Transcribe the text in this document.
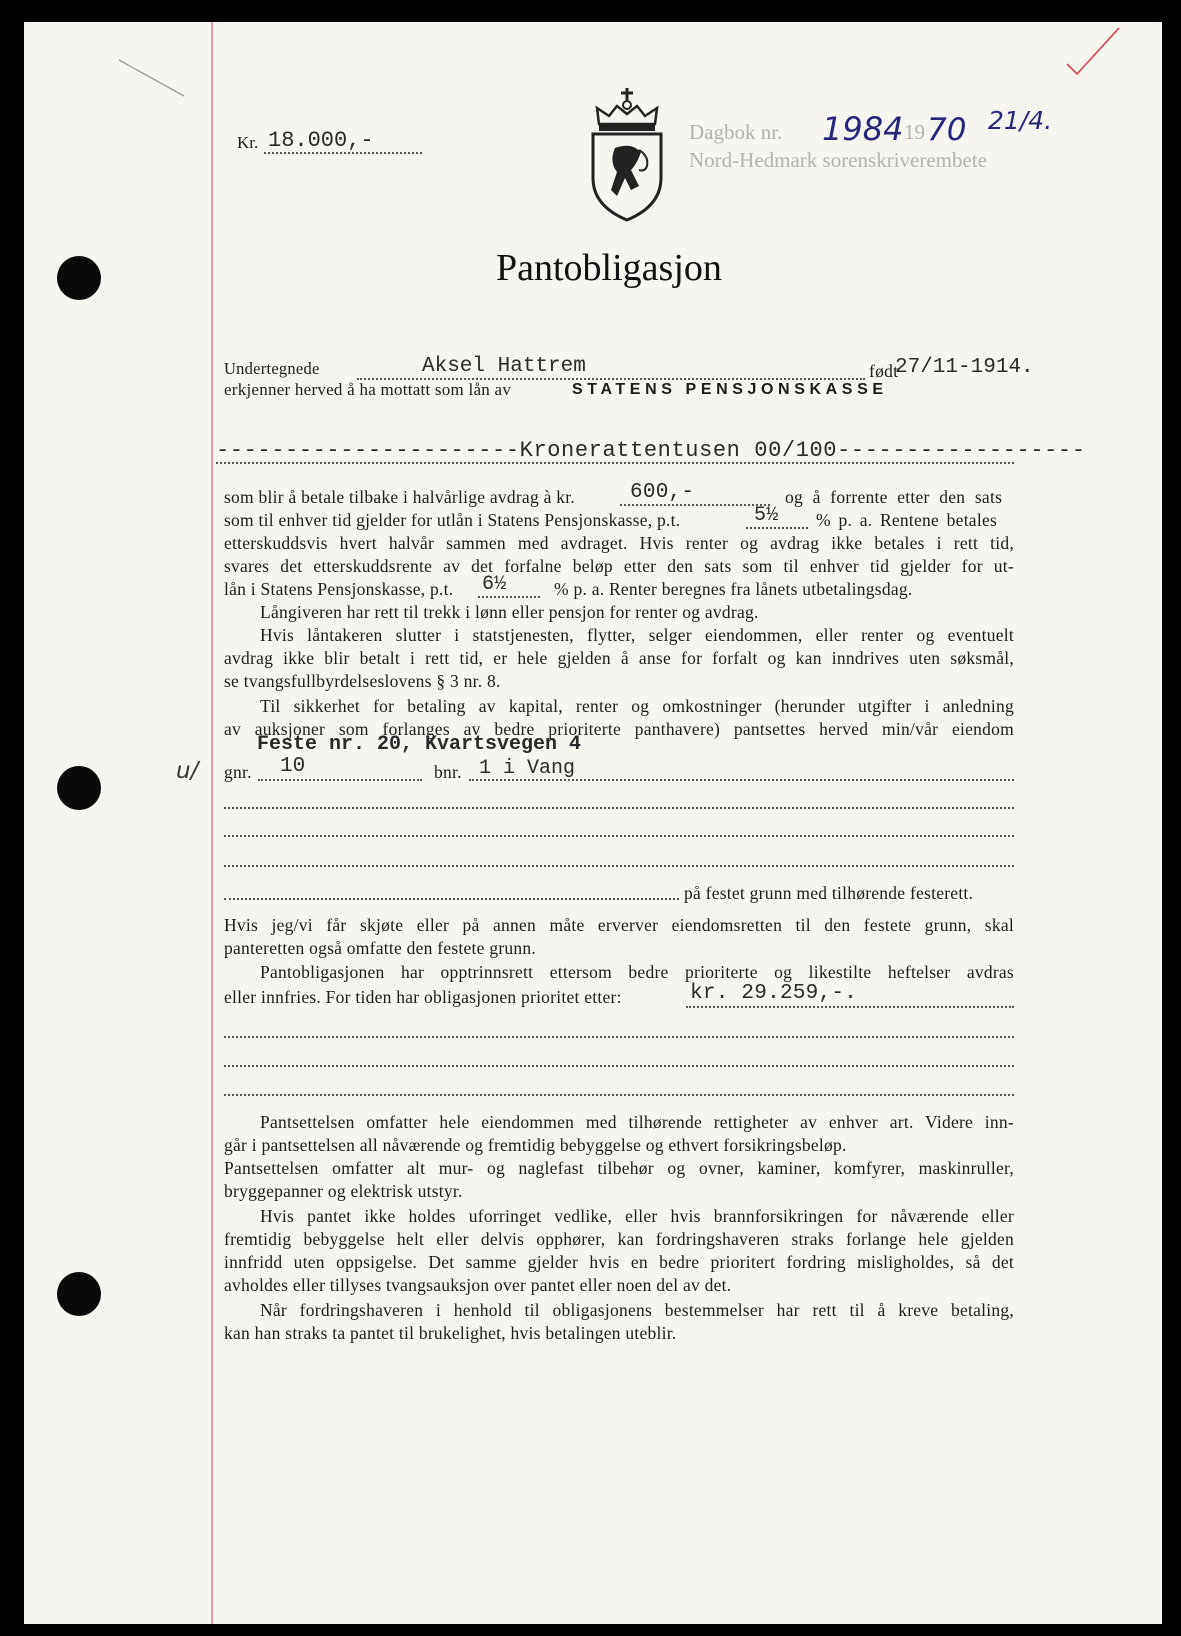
Kr. 18.000,-	Dagbok nr. 1984 19 70 21/4.
Nord-Hedmark sorenskriverembete
Pantobligasjon
Undertegnede	Aksel Hattrem	født
27/11-1914.
erkjenner herved å ha mottatt som lån av	STATENS PENSJONSKASSE
----------------------Kronerattentusen 00/100------------------
som blir å betale tilbake i halvårlige avdrag à kr.	600,-	og å forrente etter den sats
som til enhver tid gjelder for utlån i Statens Pensjonskasse, p.t.	5½ % p. a. Rentene betales
etterskuddsvis hvert halvår sammen med avdraget. Hvis renter og avdrag ikke betales i rett tid,
svares det etterskuddsrente av det forfalne beløp etter den sats som til enhver tid gjelder for ut-
lån i Statens Pensjonskasse, p.t. 6½	% p. a. Renter beregnes fra lånets utbetalingsdag.
Långiveren har rett til trekk i lønn eller pensjon for renter og avdrag.
Hvis låntakeren slutter i statstjenesten, flytter, selger eiendommen, eller renter og eventuelt
avdrag ikke blir betalt i rett tid, er hele gjelden å anse for forfalt og kan inndrives uten søksmål,
se tvangsfullbyrdelseslovens § 3 nr. 8.
Til sikkerhet for betaling av kapital, renter og omkostninger (herunder utgifter i anledning
av auksjoner som forlanges av bedre prioriterte panthavere) pantsettes herved min/vår eiendom
u/
Feste nr. 20, Kvartsvegen 4
gnr. 10	bnr. 1 i Vang
på festet grunn med tilhørende festerett.
Hvis jeg/vi får skjøte eller på annen måte erverver eiendomsretten til den festete grunn, skal
panteretten også omfatte den festete grunn.
Pantobligasjonen har opptrinnsrett ettersom bedre prioriterte og likestilte heftelser avdras
eller innfries. For tiden har obligasjonen prioritet etter:	kr. 29.259,-.
Pantsettelsen omfatter hele eiendommen med tilhørende rettigheter av enhver art. Videre inn-
går i pantsettelsen all nåværende og fremtidig bebyggelse og ethvert forsikringsbeløp.
Pantsettelsen omfatter alt mur- og naglefast tilbehør og ovner, kaminer, komfyrer, maskinruller,
bryggepanner og elektrisk utstyr.
Hvis pantet ikke holdes uforringet vedlike, eller hvis brannforsikringen for nåværende eller
fremtidig bebyggelse helt eller delvis opphører, kan fordringshaveren straks forlange hele gjelden
innfridd uten oppsigelse. Det samme gjelder hvis en bedre prioritert fordring misligholdes, så det
avholdes eller tillyses tvangsauksjon over pantet eller noen del av det.
Når fordringshaveren i henhold til obligasjonens bestemmelser har rett til å kreve betaling,
kan han straks ta pantet til brukelighet, hvis betalingen uteblir.
